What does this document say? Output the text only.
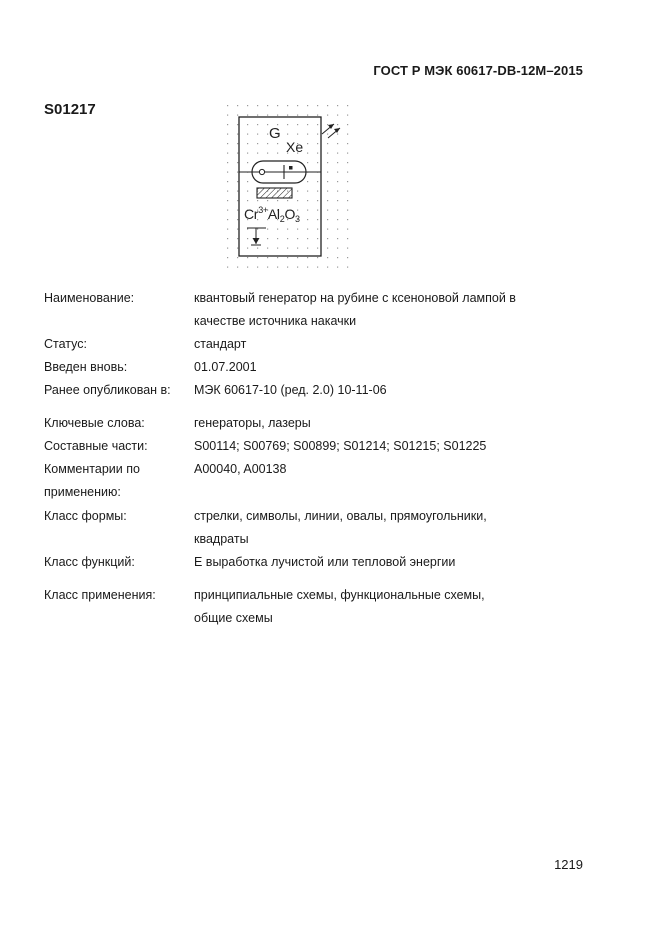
ГОСТ Р МЭК 60617-DB-12M–2015
S01217
G
Xe
$Cr^{3+}Al_2O_3$
Наименование:	квантовый генератор на рубине с ксеноновой лампой в
качестве источника накачки
Статус:	стандарт
Введен вновь:	01.07.2001
Ранее опубликован в:	МЭК 60617-10 (ред. 2.0) 10-11-06
Ключевые слова:	генераторы, лазеры
Составные части:	S00114; S00769; S00899; S01214; S01215; S01225
Комментарии по
применению:
A00040, A00138
Класс формы:	стрелки, символы, линии, овалы, прямоугольники,
квадраты
Класс функций:	E выработка лучистой или тепловой энергии
Класс применения:	принципиальные схемы, функциональные схемы,
общие схемы
1219
